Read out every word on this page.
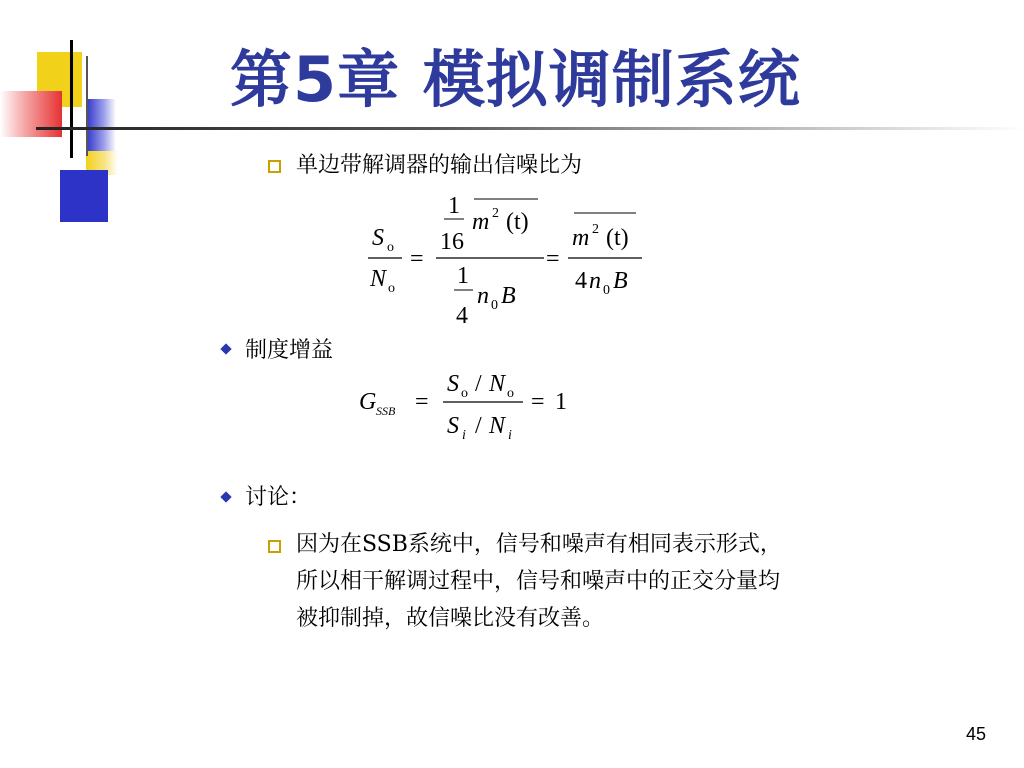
第5章 模拟调制系统
单边带解调器的输出信噪比为
S o
N o
=
1
16
m 2 (t)
1
4
n 0 B
=
m 2 (t)
4 n 0 B
制度增益
G SSB =
S o / N o
S i / N i
= 1
讨论：
因为在SSB系统中，信号和噪声有相同表示形式，
所以相干解调过程中，信号和噪声中的正交分量均
被抑制掉，故信噪比没有改善。
45
